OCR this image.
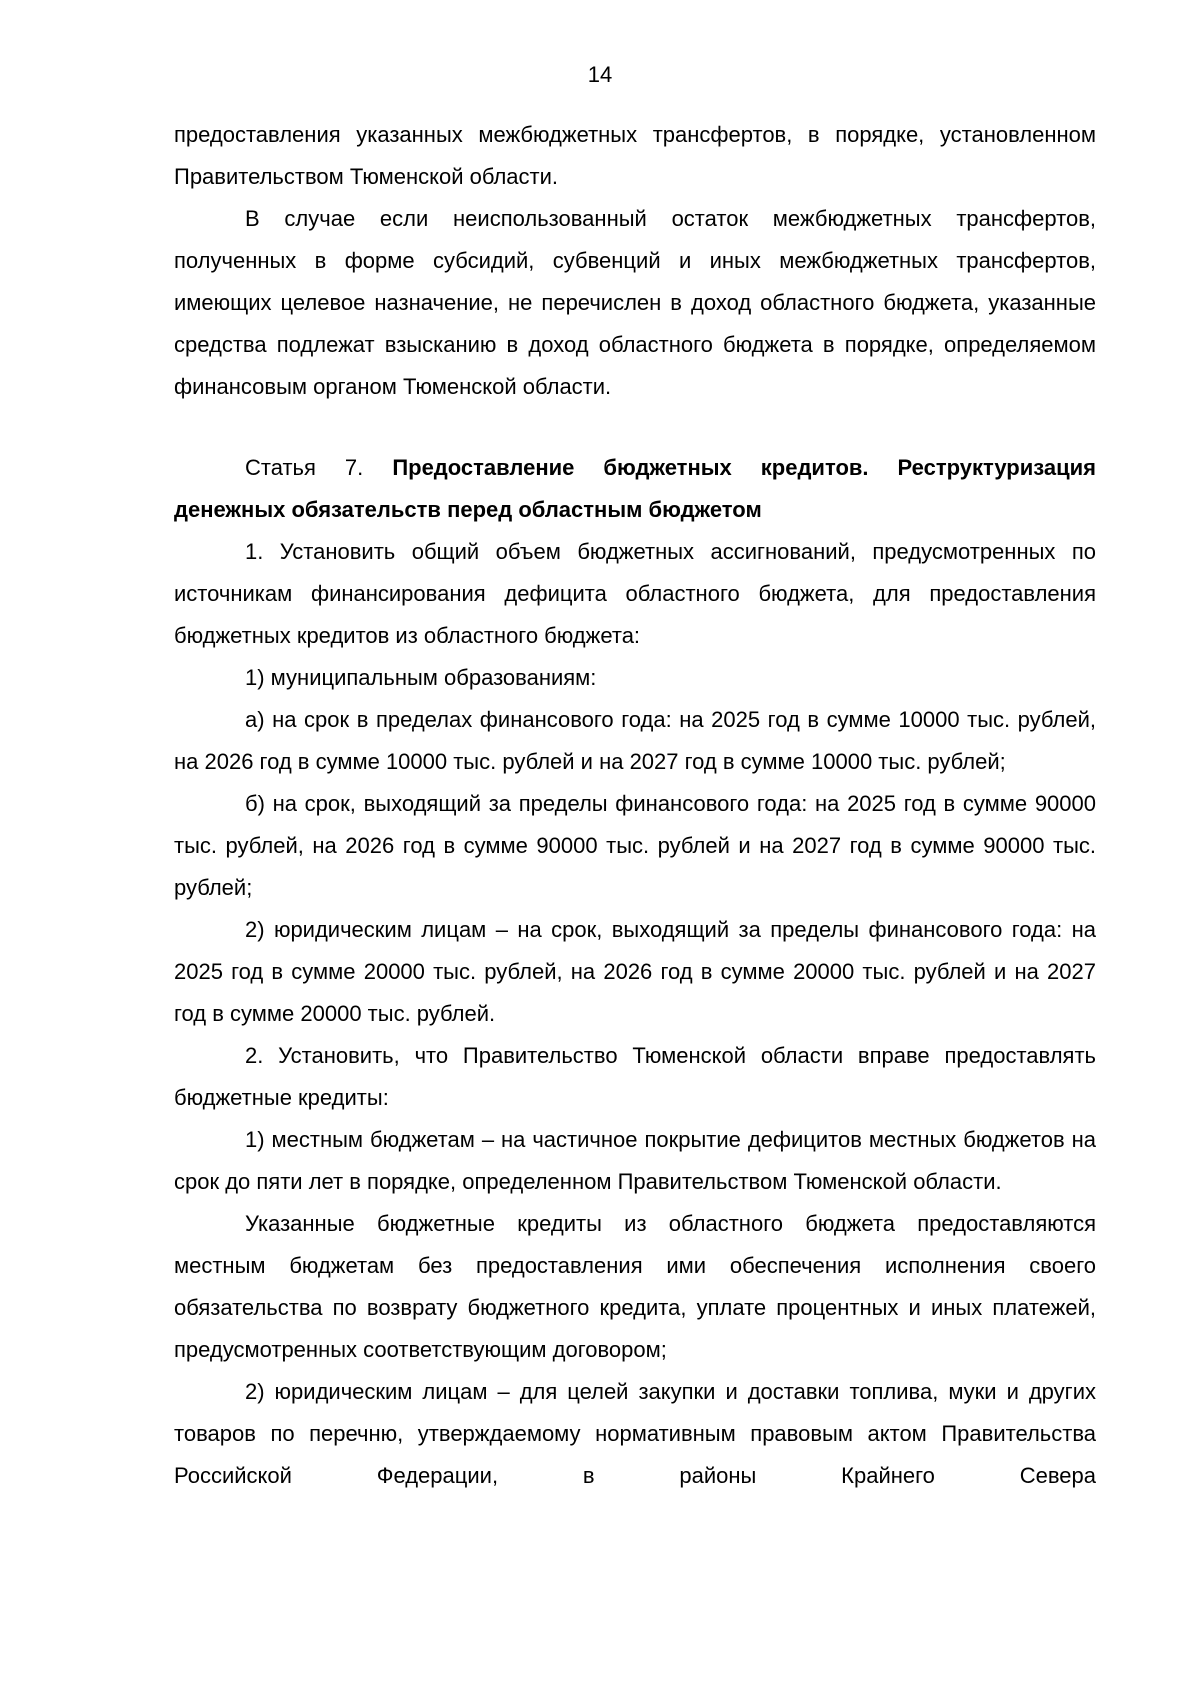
14

предоставления указанных межбюджетных трансфертов, в порядке, установленном Правительством Тюменской области.

В случае если неиспользованный остаток межбюджетных трансфертов, полученных в форме субсидий, субвенций и иных межбюджетных трансфертов, имеющих целевое назначение, не перечислен в доход областного бюджета, указанные средства подлежат взысканию в доход областного бюджета в порядке, определяемом финансовым органом Тюменской области.

Статья 7. Предоставление бюджетных кредитов. Реструктуризация денежных обязательств перед областным бюджетом

1. Установить общий объем бюджетных ассигнований, предусмотренных по источникам финансирования дефицита областного бюджета, для предоставления бюджетных кредитов из областного бюджета:

1) муниципальным образованиям:

а) на срок в пределах финансового года: на 2025 год в сумме 10000 тыс. рублей, на 2026 год в сумме 10000 тыс. рублей и на 2027 год в сумме 10000 тыс. рублей;

б) на срок, выходящий за пределы финансового года: на 2025 год в сумме 90000 тыс. рублей, на 2026 год в сумме 90000 тыс. рублей и на 2027 год в сумме 90000 тыс. рублей;

2) юридическим лицам – на срок, выходящий за пределы финансового года: на 2025 год в сумме 20000 тыс. рублей, на 2026 год в сумме 20000 тыс. рублей и на 2027 год в сумме 20000 тыс. рублей.

2. Установить, что Правительство Тюменской области вправе предоставлять бюджетные кредиты:

1) местным бюджетам – на частичное покрытие дефицитов местных бюджетов на срок до пяти лет в порядке, определенном Правительством Тюменской области.

Указанные бюджетные кредиты из областного бюджета предоставляются местным бюджетам без предоставления ими обеспечения исполнения своего обязательства по возврату бюджетного кредита, уплате процентных и иных платежей, предусмотренных соответствующим договором;

2) юридическим лицам – для целей закупки и доставки топлива, муки и других товаров по перечню, утверждаемому нормативным правовым актом Правительства Российской Федерации, в районы Крайнего Севера
